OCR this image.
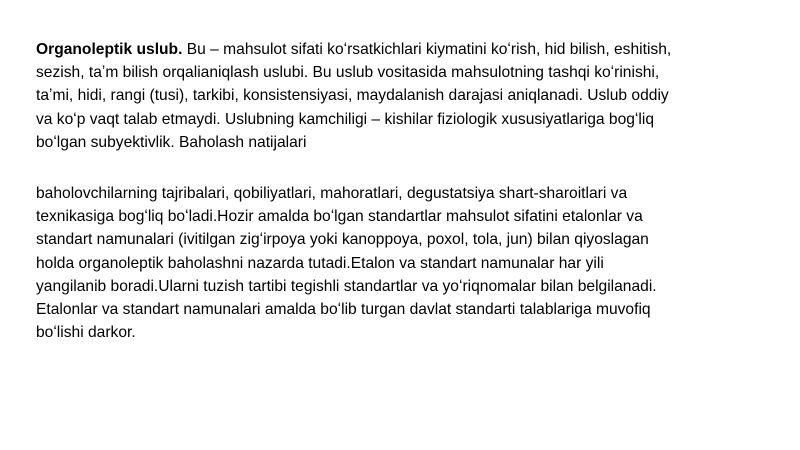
Organoleptik uslub. Bu – mahsulot sifati koʻrsatkichlari kiymatini koʻrish, hid bilish, eshitish,
sezish, taʼm bilish orqalianiqlash uslubi. Bu uslub vositasida mahsulotning tashqi koʻrinishi,
taʼmi, hidi, rangi (tusi), tarkibi, konsistensiyasi, maydalanish darajasi aniqlanadi. Uslub oddiy
va koʻp vaqt talab etmaydi. Uslubning kamchiligi – kishilar fiziologik xususiyatlariga bogʻliq
boʻlgan subyektivlik. Baholash natijalari
baholovchilarning tajribalari, qobiliyatlari, mahoratlari, degustatsiya shart-sharoitlari va
texnikasiga bogʻliq boʻladi.Hozir amalda boʻlgan standartlar mahsulot sifatini etalonlar va
standart namunalari (ivitilgan zigʻirpoya yoki kanoppoya, poxol, tola, jun) bilan qiyoslagan
holda organoleptik baholashni nazarda tutadi.Etalon va standart namunalar har yili
yangilanib boradi.Ularni tuzish tartibi tegishli standartlar va yoʻriqnomalar bilan belgilanadi.
Etalonlar va standart namunalari amalda boʻlib turgan davlat standarti talablariga muvofiq
boʻlishi darkor.
